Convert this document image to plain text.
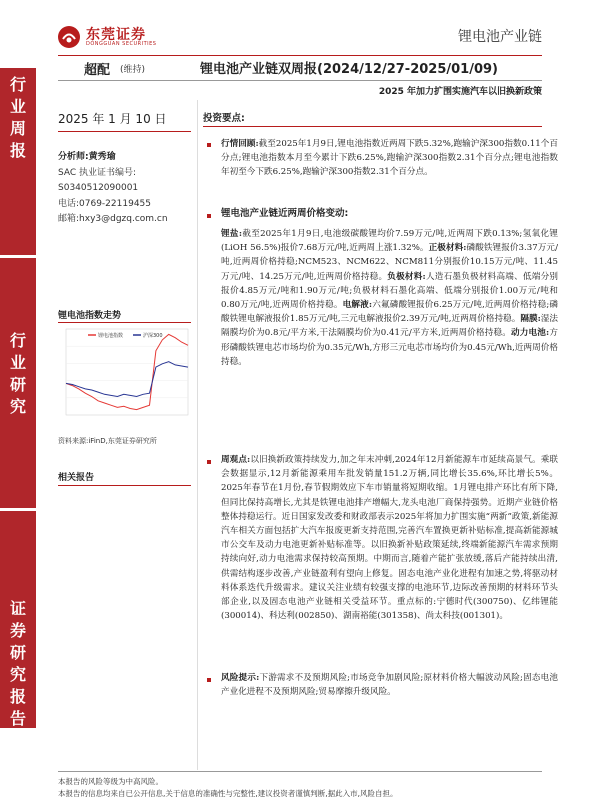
东莞证券
DONGGUAN SECURITIES	锂电池产业链
行业周报
行业研究
证券研究报告
超配 (维持)	锂电池产业链双周报(2024/12/27-2025/01/09)
2025 年加力扩围实施汽车以旧换新政策
2025 年 1 月 10 日
分析师:黄秀瑜
SAC 执业证书编号:
S0340512090001
电话:0769-22119455
邮箱:hxy3@dgzq.com.cn
锂电池指数走势
锂电池指数	沪深300
资料来源:iFinD,东莞证券研究所
相关报告
投资要点:
行情回顾:截至2025年1月9日,锂电池指数近两周下跌5.32%,跑输沪深300指数0.11个百分点;锂电池指数本月至今累计下跌6.25%,跑输沪深300指数2.31个百分点;锂电池指数年初至今下跌6.25%,跑输沪深300指数2.31个百分点。
锂电池产业链近两周价格变动:
锂盐:截至2025年1月9日,电池级碳酸锂均价7.59万元/吨,近两周下跌0.13%;氢氧化锂(LiOH 56.5%)报价7.68万元/吨,近两周上涨1.32%。正极材料:磷酸铁锂报价3.37万元/吨,近两周价格持稳;NCM523、NCM622、NCM811分别报价10.15万元/吨、11.45万元/吨、14.25万元/吨,近两周价格持稳。负极材料:人造石墨负极材料高端、低端分别报价4.85万元/吨和1.90万元/吨;负极材料石墨化高端、低端分别报价1.00万元/吨和0.80万元/吨,近两周价格持稳。电解液:六氟磷酸锂报价6.25万元/吨,近两周价格持稳;磷酸铁锂电解液报价1.85万元/吨,三元电解液报价2.39万元/吨,近两周价格持稳。隔膜:湿法隔膜均价为0.8元/平方米,干法隔膜均价为0.41元/平方米,近两周价格持稳。动力电池:方形磷酸铁锂电芯市场均价为0.35元/Wh,方形三元电芯市场均价为0.45元/Wh,近两周价格持稳。
周观点:以旧换新政策持续发力,加之年末冲刺,2024年12月新能源车市延续高景气。乘联会数据显示,12月新能源乘用车批发销量151.2万辆,同比增长35.6%,环比增长5%。2025年春节在1月份,春节假期效应下车市销量将短期收缩。1月锂电排产环比有所下降,但同比保持高增长,尤其是铁锂电池排产增幅大,龙头电池厂商保持强势。近期产业链价格整体持稳运行。近日国家发改委和财政部表示2025年将加力扩围实施“两新”政策,新能源汽车相关方面包括扩大汽车报废更新支持范围,完善汽车置换更新补贴标准,提高新能源城市公交车及动力电池更新补贴标准等。以旧换新补贴政策延续,终端新能源汽车需求预期持续向好,动力电池需求保持较高预期。中期而言,随着产能扩张放缓,落后产能持续出清,供需结构逐步改善,产业链盈利有望向上修复。固态电池产业化进程有加速之势,将驱动材料体系迭代升级需求。建议关注业绩有较强支撑的电池环节,边际改善预期的材料环节头部企业,以及固态电池产业链相关受益环节。重点标的:宁德时代(300750)、亿纬锂能(300014)、科达利(002850)、湖南裕能(301358)、尚太科技(001301)。
风险提示:下游需求不及预期风险;市场竞争加剧风险;原材料价格大幅波动风险;固态电池产业化进程不及预期风险;贸易摩擦升级风险。
本报告的风险等级为中高风险。
本报告的信息均来自已公开信息,关于信息的准确性与完整性,建议投资者谨慎判断,据此入市,风险自担。
